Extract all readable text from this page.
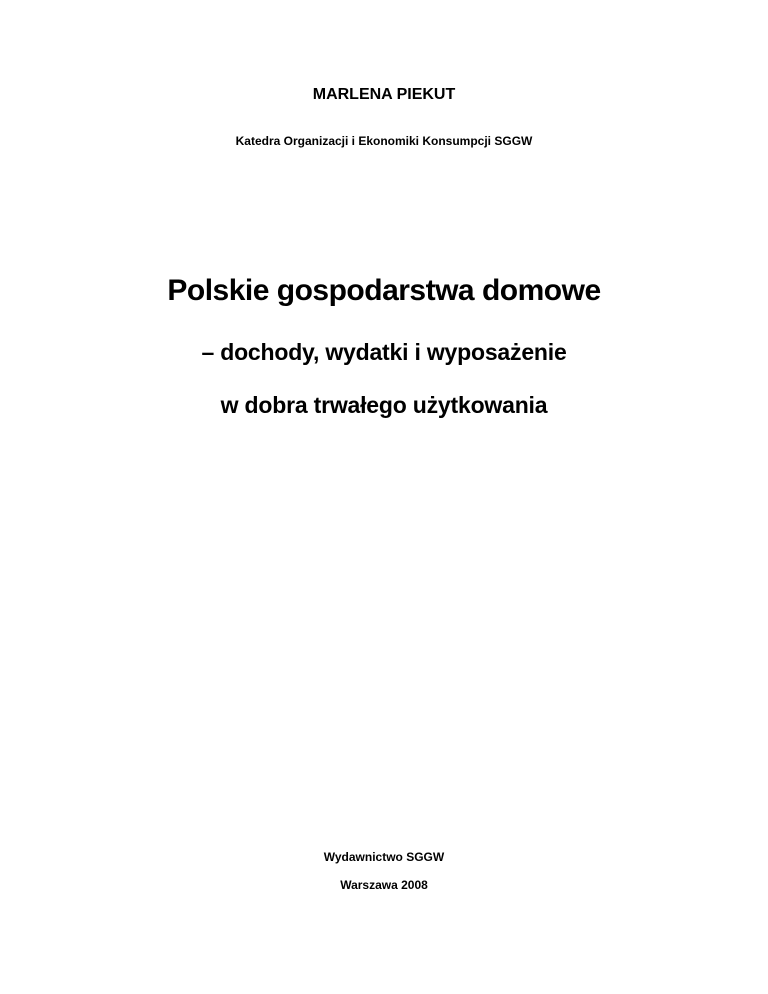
MARLENA PIEKUT
Katedra Organizacji i Ekonomiki Konsumpcji SGGW
Polskie gospodarstwa domowe
– dochody, wydatki i wyposażenie
w dobra trwałego użytkowania
Wydawnictwo SGGW
Warszawa 2008
